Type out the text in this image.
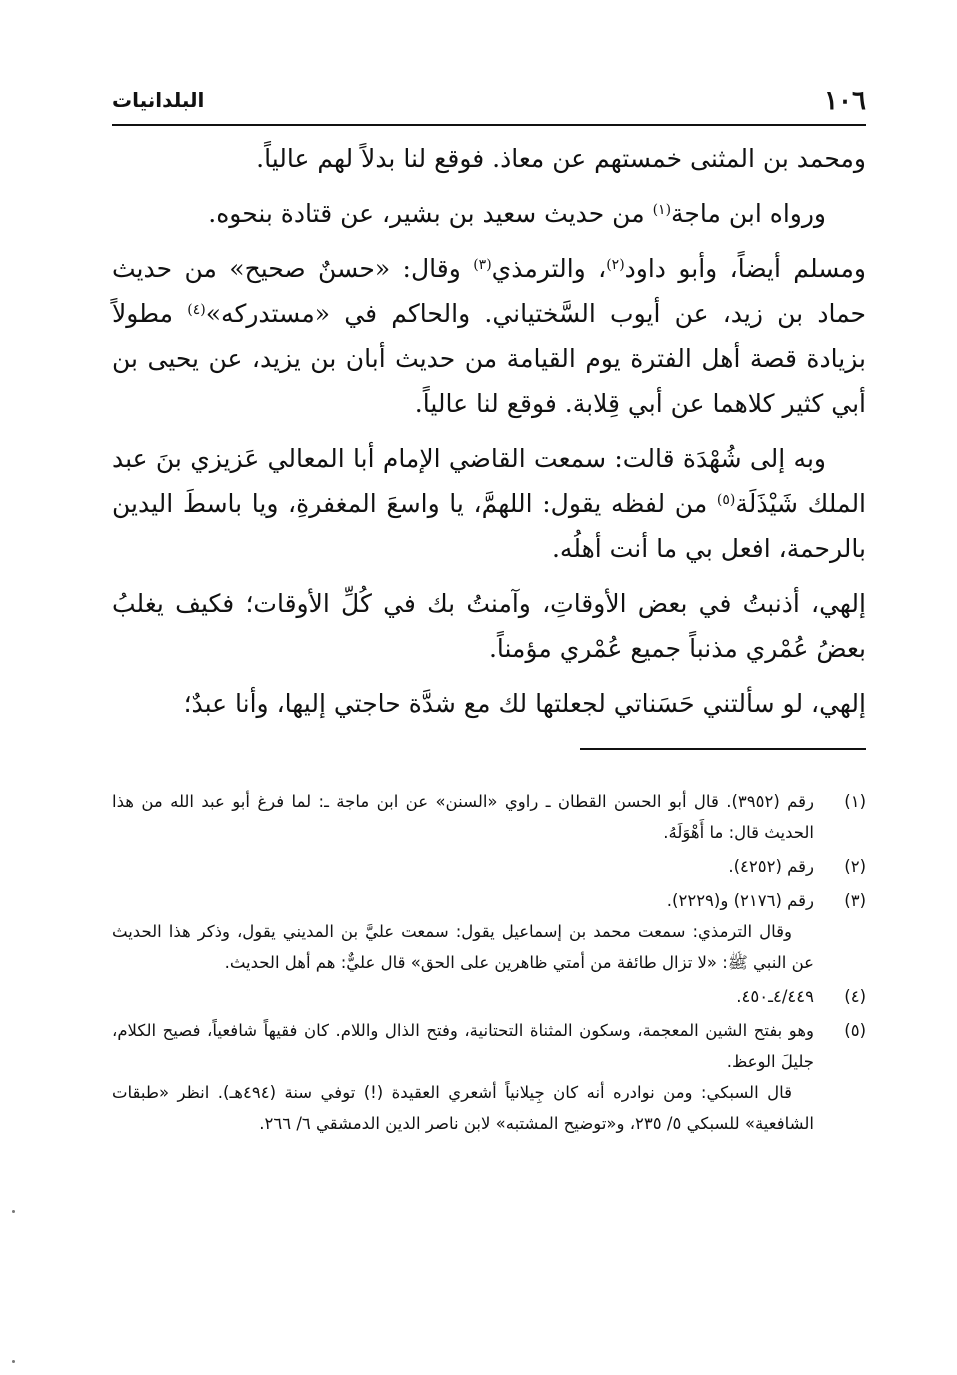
١٠٦
البلدانيات

ومحمد بن المثنى خمستهم عن معاذ. فوقع لنا بدلاً لهم عالياً.

ورواه ابن ماجة$^{(١)}$ من حديث سعيد بن بشير، عن قتادة بنحوه.

ومسلم أيضاً، وأبو داود$^{(٢)}$، والترمذي$^{(٣)}$ وقال: «حسنٌ صحيح» من حديث حماد بن زيد، عن أيوب السَّختياني. والحاكم في «مستدركه»$^{(٤)}$ مطولاً بزيادة قصة أهل الفترة يوم القيامة من حديث أبان بن يزيد، عن يحيى بن أبي كثير كلاهما عن أبي قِلابة. فوقع لنا عالياً.

وبه إلى شُهْدَة قالت: سمعت القاضي الإمام أبا المعالي عَزيزي بنَ عبد الملك شَيْذَلَة$^{(٥)}$ من لفظه يقول: اللهمَّ، يا واسعَ المغفرةِ، ويا باسطَ اليدين بالرحمة، افعل بي ما أنت أهلُه.

إلهي، أذنبتُ في بعض الأوقاتِ، وآمنتُ بك في كُلِّ الأوقات؛ فكيف يغلبُ بعضُ عُمْري مذنباً جميع عُمْري مؤمناً.

إلهي، لو سألتني حَسَناتي لجعلتها لك مع شدَّة حاجتي إليها، وأنا عبدٌ؛

(١)

رقم (٣٩٥٢). قال أبو الحسن القطان ـ راوي «السنن» عن ابن ماجة ـ: لما فرغ أبو عبد الله من هذا الحديث قال: ما أَهْوَلَهُ.

(٢)

رقم (٤٢٥٢).

(٣)

رقم (٢١٧٦) و(٢٢٢٩).

وقال الترمذي: سمعت محمد بن إسماعيل يقول: سمعت عليَّ بن المديني يقول، وذكر هذا الحديث عن النبي ﷺ: «لا تزال طائفة من أمتي ظاهرين على الحق» قال عليٌّ: هم أهل الحديث.

(٤)

٤/٤٤٩ـ٤٥٠.

(٥)

وهو بفتح الشين المعجمة، وسكون المثناة التحتانية، وفتح الذال واللام. كان فقيهاً شافعياً، فصيح الكلام، جليلَ الوعظ.

قال السبكي: ومن نوادره أنه كان جِيلانياً أشعري العقيدة (!) توفي سنة (٤٩٤هـ). انظر «طبقات الشافعية» للسبكي ٥/ ٢٣٥، و«توضيح المشتبه» لابن ناصر الدين الدمشقي ٦/ ٢٦٦.
